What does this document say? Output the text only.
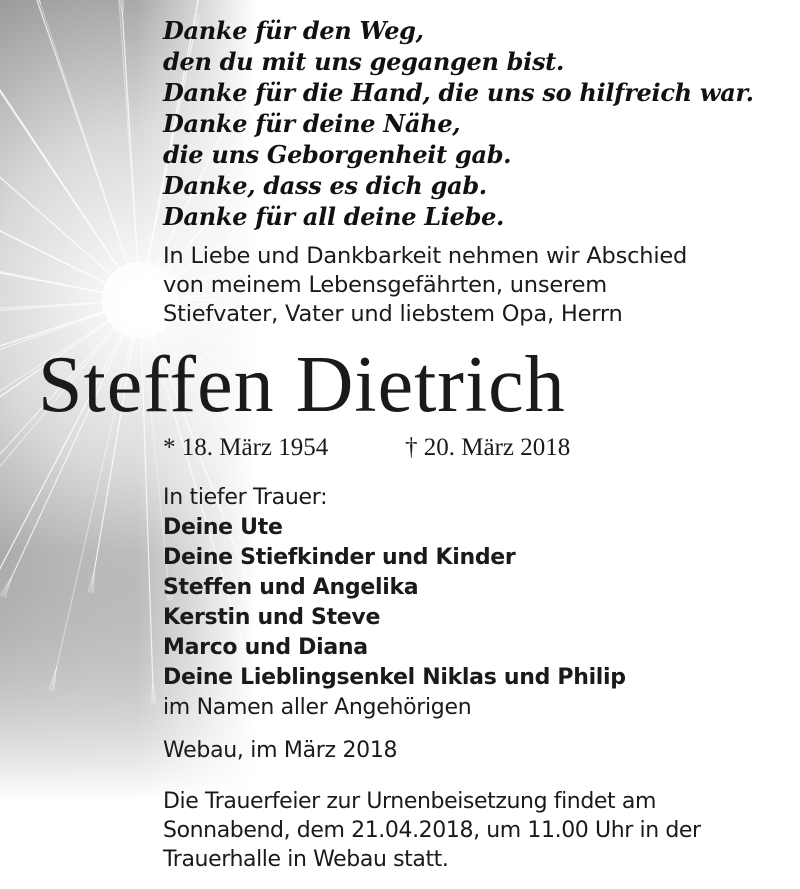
Danke für den Weg,
den du mit uns gegangen bist.
Danke für die Hand, die uns so hilfreich war.
Danke für deine Nähe,
die uns Geborgenheit gab.
Danke, dass es dich gab.
Danke für all deine Liebe.
In Liebe und Dankbarkeit nehmen wir Abschied
von meinem Lebensgefährten, unserem
Stiefvater, Vater und liebstem Opa, Herrn
Steffen Dietrich
* 18. März 1954	† 20. März 2018
In tiefer Trauer:
Deine Ute
Deine Stiefkinder und Kinder
Steffen und Angelika
Kerstin und Steve
Marco und Diana
Deine Lieblingsenkel Niklas und Philip
im Namen aller Angehörigen
Webau, im März 2018
Die Trauerfeier zur Urnenbeisetzung findet am
Sonnabend, dem 21.04.2018, um 11.00 Uhr in der
Trauerhalle in Webau statt.
